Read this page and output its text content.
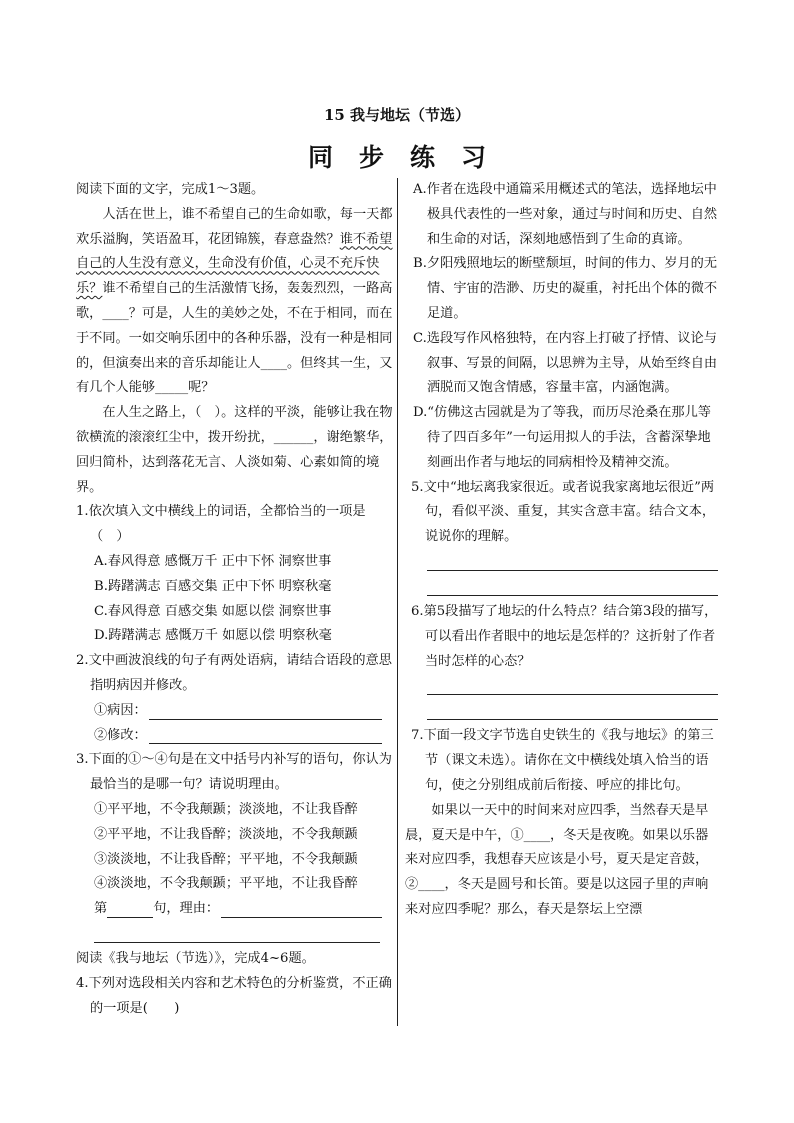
15 我与地坛（节选）
同步练习

阅读下面的文字，完成1～3题。

人活在世上，谁不希望自己的生命如歌，每一天都欢乐溢胸，笑语盈耳，花团锦簇，春意盎然？谁不希望自己的人生没有意义，生命没有价值，心灵不充斥快乐？谁不希望自己的生活激情飞扬，轰轰烈烈，一路高歌，____？可是，人生的美妙之处，不在于相同，而在于不同。一如交响乐团中的各种乐器，没有一种是相同的，但演奏出来的音乐却能让人____。但终其一生，又有几个人能够_____呢？

在人生之路上，（　）。这样的平淡，能够让我在物欲横流的滚滚红尘中，拨开纷扰，______，谢绝繁华，回归简朴，达到落花无言、人淡如菊、心素如简的境界。

1.依次填入文中横线上的词语，全都恰当的一项是（　）

A.春风得意 感慨万千 正中下怀 洞察世事

B.踌躇满志 百感交集 正中下怀 明察秋毫

C.春风得意 百感交集 如愿以偿 洞察世事

D.踌躇满志 感慨万千 如愿以偿 明察秋毫

2.文中画波浪线的句子有两处语病，请结合语段的意思指明病因并修改。

①病因：
②修改：

3.下面的①～④句是在文中括号内补写的语句，你认为最恰当的是哪一句？请说明理由。

①平平地，不令我颠踬；淡淡地，不让我昏醉

②平平地，不让我昏醉；淡淡地，不令我颠踬

③淡淡地，不让我昏醉；平平地，不令我颠踬

④淡淡地，不令我颠踬；平平地，不让我昏醉

第	句，理由：

阅读《我与地坛（节选）》，完成4~6题。

4.下列对选段相关内容和艺术特色的分析鉴赏，不正确的一项是(　　)

A.作者在选段中通篇采用概述式的笔法，选择地坛中极具代表性的一些对象，通过与时间和历史、自然和生命的对话，深刻地感悟到了生命的真谛。

B.夕阳残照地坛的断壁颓垣，时间的伟力、岁月的无情、宇宙的浩渺、历史的凝重，衬托出个体的微不足道。

C.选段写作风格独特，在内容上打破了抒情、议论与叙事、写景的间隔，以思辨为主导，从始至终自由洒脱而又饱含情感，容量丰富，内涵饱满。

D.“仿佛这古园就是为了等我，而历尽沧桑在那儿等待了四百多年”一句运用拟人的手法，含蓄深挚地刻画出作者与地坛的同病相怜及精神交流。

5.文中“地坛离我家很近。或者说我家离地坛很近”两句，看似平淡、重复，其实含意丰富。结合文本，说说你的理解。

6.第5段描写了地坛的什么特点？结合第3段的描写，可以看出作者眼中的地坛是怎样的？这折射了作者当时怎样的心态？

7.下面一段文字节选自史铁生的《我与地坛》的第三节（课文未选）。请你在文中横线处填入恰当的语句，使之分别组成前后衔接、呼应的排比句。

如果以一天中的时间来对应四季，当然春天是早晨，夏天是中午，①____，冬天是夜晚。如果以乐器来对应四季，我想春天应该是小号，夏天是定音鼓，②____，冬天是圆号和长笛。要是以这园子里的声响来对应四季呢？那么，春天是祭坛上空漂
